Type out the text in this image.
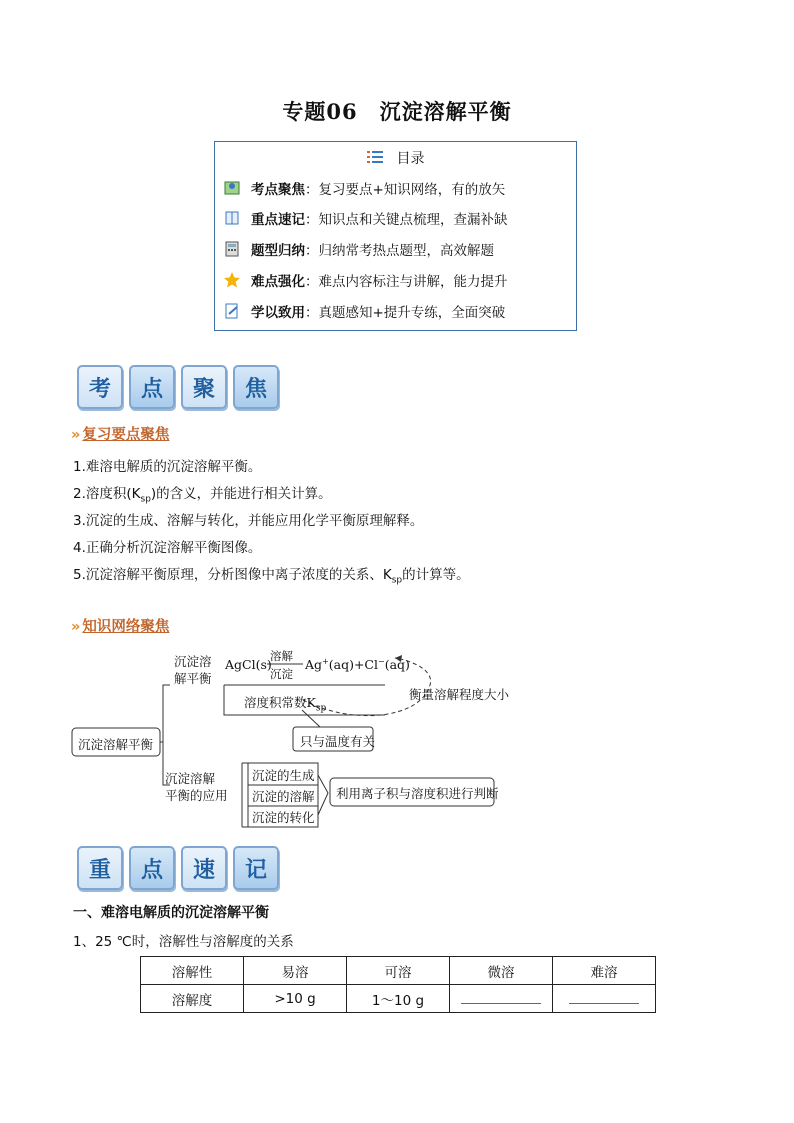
专题06　沉淀溶解平衡
目录
考点聚焦 ：复习要点+知识网络，有的放矢
重点速记 ：知识点和关键点梳理，查漏补缺
题型归纳 ：归纳常考热点题型，高效解题
难点强化 ：难点内容标注与讲解，能力提升
学以致用 ：真题感知+提升专练，全面突破
考	点	聚	焦
» 复习要点聚焦
1.难溶电解质的沉淀溶解平衡。
2.溶度积$(K_{sp})$的含义，并能进行相关计算。
3.沉淀的生成、溶解与转化，并能应用化学平衡原理解释。
4.正确分析沉淀溶解平衡图像。
5.沉淀溶解平衡原理，分析图像中离子浓度的关系、$K_{sp}$的计算等。
» 知识网络聚焦
沉淀溶解平衡
沉淀溶
解平衡
AgCl(s)
溶解
沉淀
Ag+(aq)+Cl−(aq)
溶度积常数$K_{sp}$
衡量溶解程度大小
只与温度有关
沉淀溶解
平衡的应用
沉淀的生成
沉淀的溶解
沉淀的转化
利用离子积与溶度积进行判断
重	点	速	记
一、难溶电解质的沉淀溶解平衡
1、25 ℃时，溶解性与溶解度的关系
溶解性	易溶	可溶	微溶	难溶
溶解度	>10 g	1～10 g		
